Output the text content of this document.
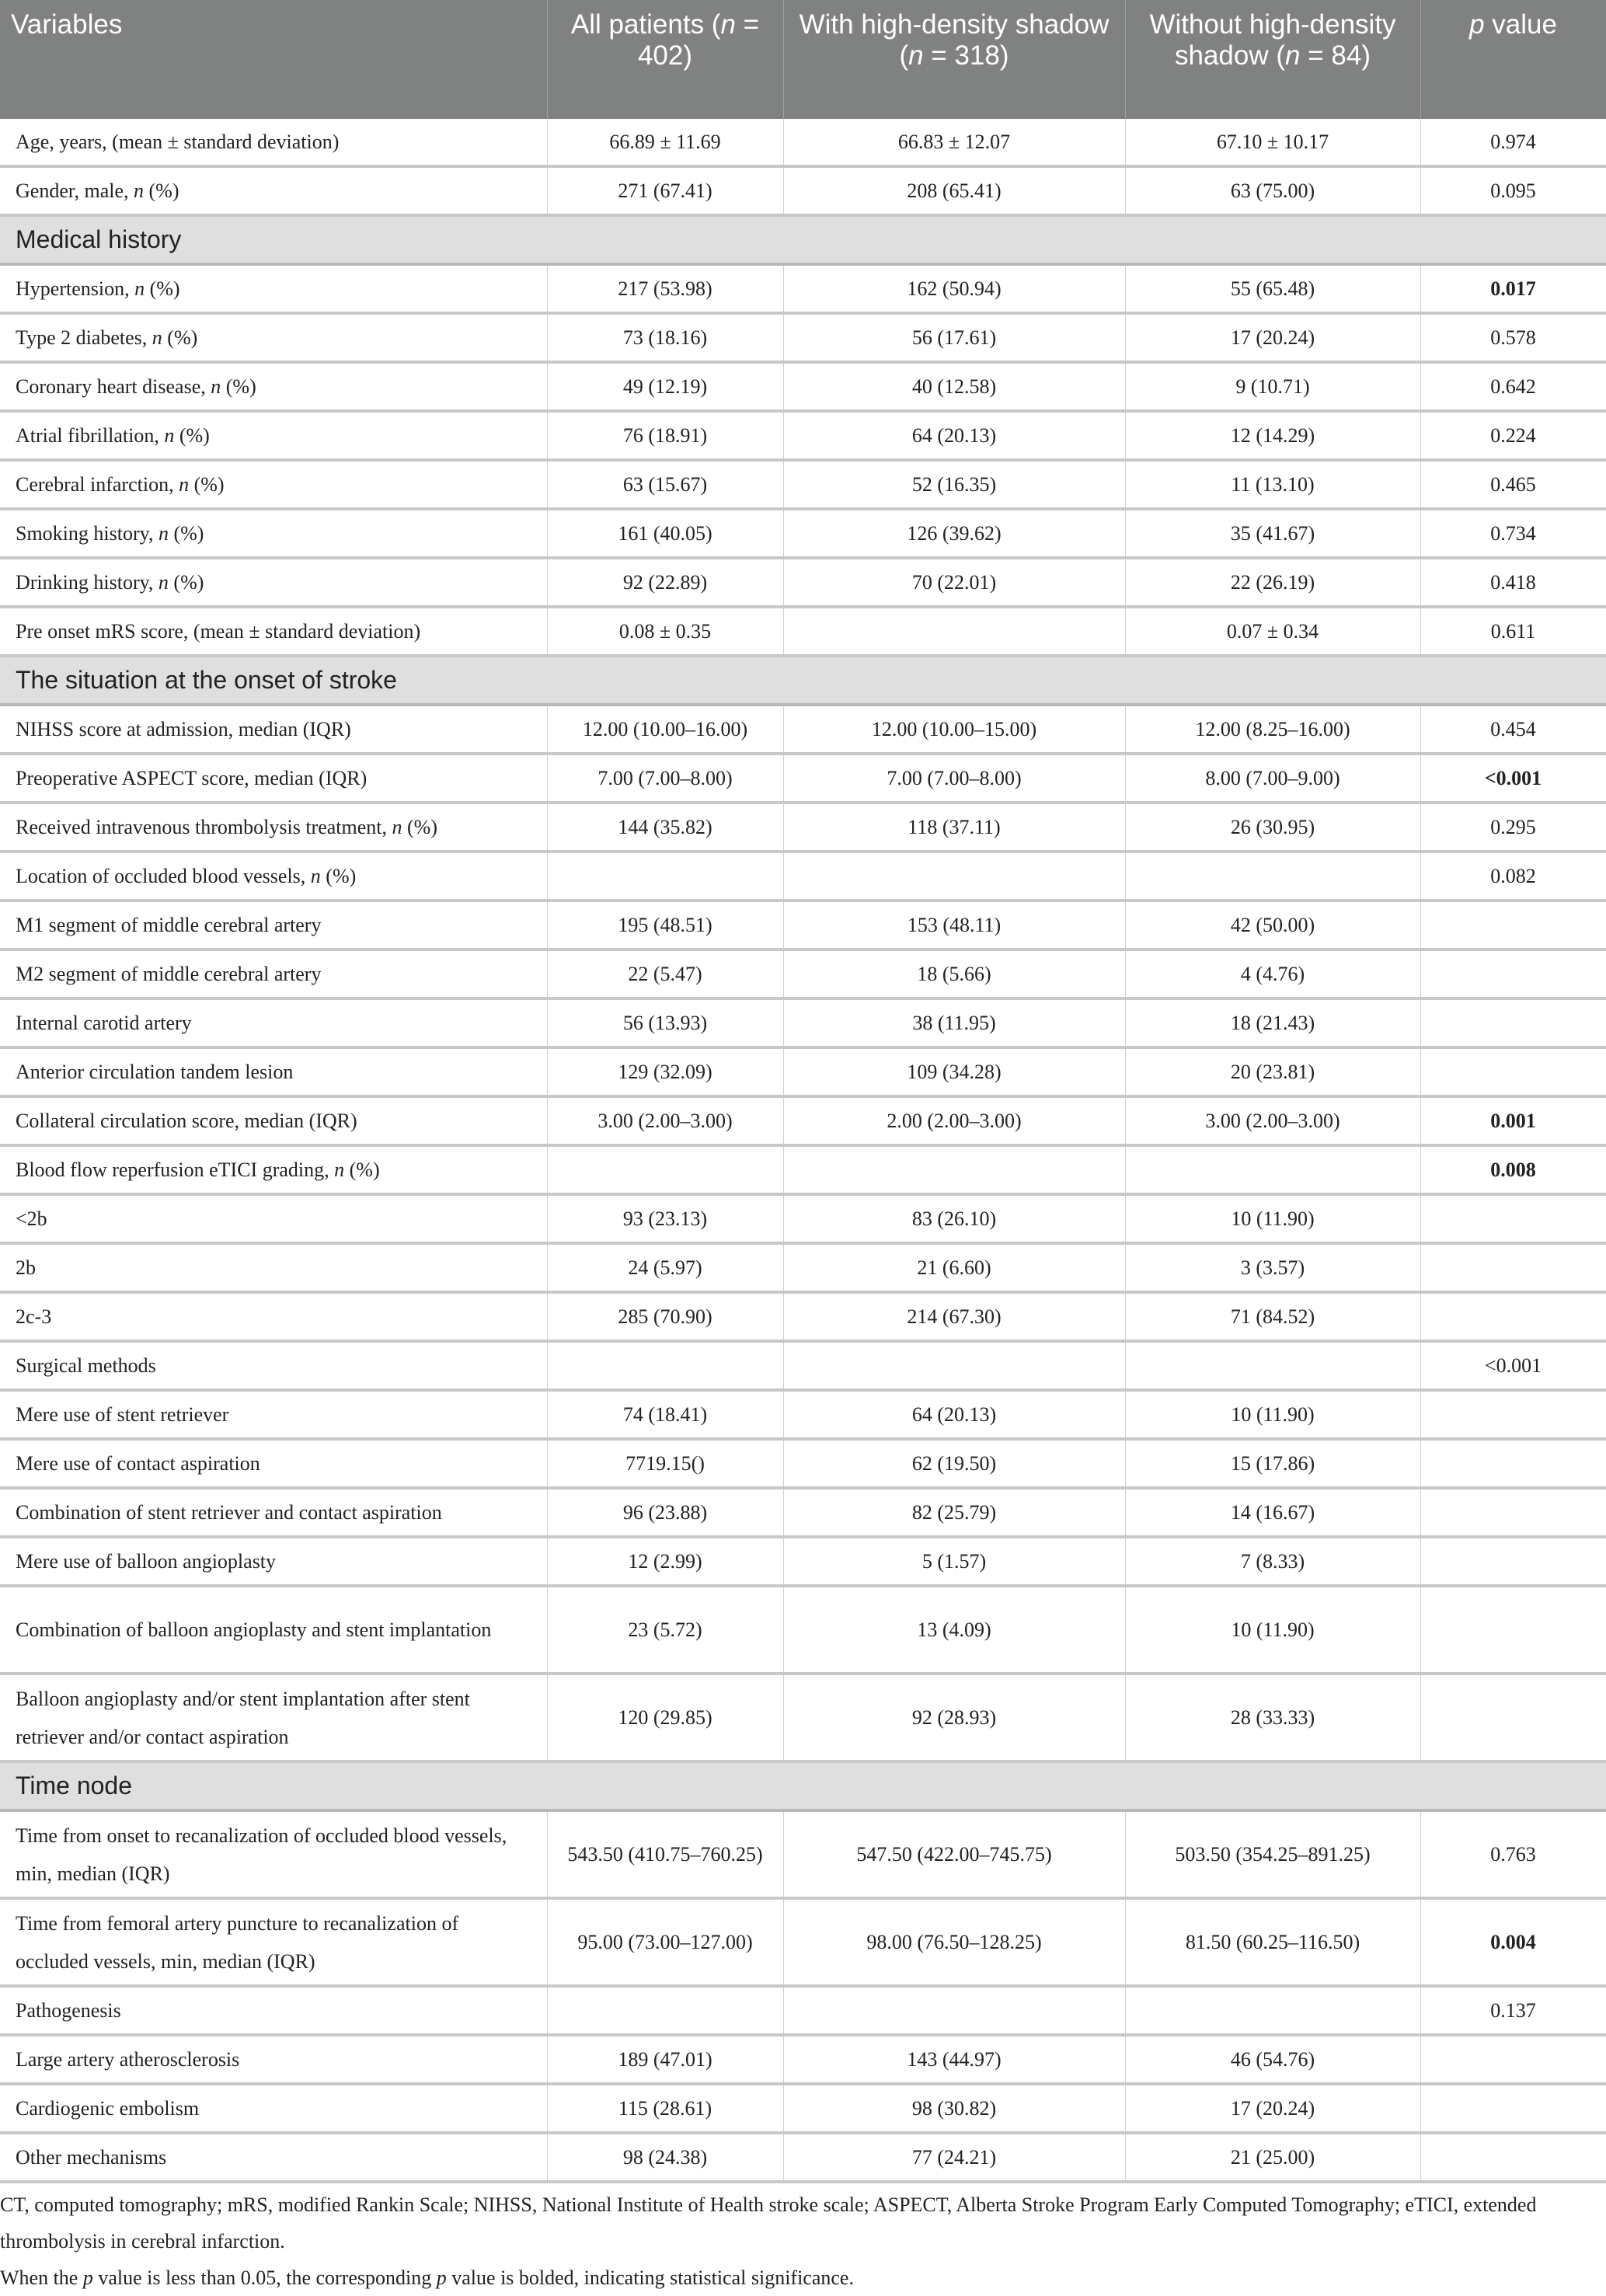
Variables	All patients (n = 402)	With high-density shadow (n = 318)	Without high-density shadow (n = 84)	p value
Age, years, (mean ± standard deviation)	66.89 ± 11.69	66.83 ± 12.07	67.10 ± 10.17	0.974
Gender, male, n (%)	271 (67.41)	208 (65.41)	63 (75.00)	0.095
Medical history				
Hypertension, n (%)	217 (53.98)	162 (50.94)	55 (65.48)	0.017
Type 2 diabetes, n (%)	73 (18.16)	56 (17.61)	17 (20.24)	0.578
Coronary heart disease, n (%)	49 (12.19)	40 (12.58)	9 (10.71)	0.642
Atrial fibrillation, n (%)	76 (18.91)	64 (20.13)	12 (14.29)	0.224
Cerebral infarction, n (%)	63 (15.67)	52 (16.35)	11 (13.10)	0.465
Smoking history, n (%)	161 (40.05)	126 (39.62)	35 (41.67)	0.734
Drinking history, n (%)	92 (22.89)	70 (22.01)	22 (26.19)	0.418
Pre onset mRS score, (mean ± standard deviation)	0.08 ± 0.35		0.07 ± 0.34	0.611
The situation at the onset of stroke				
NIHSS score at admission, median (IQR)	12.00 (10.00–16.00)	12.00 (10.00–15.00)	12.00 (8.25–16.00)	0.454
Preoperative ASPECT score, median (IQR)	7.00 (7.00–8.00)	7.00 (7.00–8.00)	8.00 (7.00–9.00)	<0.001
Received intravenous thrombolysis treatment, n (%)	144 (35.82)	118 (37.11)	26 (30.95)	0.295
Location of occluded blood vessels, n (%)				0.082
M1 segment of middle cerebral artery	195 (48.51)	153 (48.11)	42 (50.00)	
M2 segment of middle cerebral artery	22 (5.47)	18 (5.66)	4 (4.76)	
Internal carotid artery	56 (13.93)	38 (11.95)	18 (21.43)	
Anterior circulation tandem lesion	129 (32.09)	109 (34.28)	20 (23.81)	
Collateral circulation score, median (IQR)	3.00 (2.00–3.00)	2.00 (2.00–3.00)	3.00 (2.00–3.00)	0.001
Blood flow reperfusion eTICI grading, n (%)				0.008
<2b	93 (23.13)	83 (26.10)	10 (11.90)	
2b	24 (5.97)	21 (6.60)	3 (3.57)	
2c-3	285 (70.90)	214 (67.30)	71 (84.52)	
Surgical methods				<0.001
Mere use of stent retriever	74 (18.41)	64 (20.13)	10 (11.90)	
Mere use of contact aspiration	7719.15()	62 (19.50)	15 (17.86)	
Combination of stent retriever and contact aspiration	96 (23.88)	82 (25.79)	14 (16.67)	
Mere use of balloon angioplasty	12 (2.99)	5 (1.57)	7 (8.33)	
Combination of balloon angioplasty and stent implantation	23 (5.72)	13 (4.09)	10 (11.90)	
Balloon angioplasty and/or stent implantation after stent retriever and/or contact aspiration	120 (29.85)	92 (28.93)	28 (33.33)	
Time node				
Time from onset to recanalization of occluded blood vessels, min, median (IQR)	543.50 (410.75–760.25)	547.50 (422.00–745.75)	503.50 (354.25–891.25)	0.763
Time from femoral artery puncture to recanalization of occluded vessels, min, median (IQR)	95.00 (73.00–127.00)	98.00 (76.50–128.25)	81.50 (60.25–116.50)	0.004
Pathogenesis				0.137
Large artery atherosclerosis	189 (47.01)	143 (44.97)	46 (54.76)	
Cardiogenic embolism	115 (28.61)	98 (30.82)	17 (20.24)	
Other mechanisms	98 (24.38)	77 (24.21)	21 (25.00)	
CT, computed tomography; mRS, modified Rankin Scale; NIHSS, National Institute of Health stroke scale; ASPECT, Alberta Stroke Program Early Computed Tomography; eTICI, extended thrombolysis in cerebral infarction.
When the p value is less than 0.05, the corresponding p value is bolded, indicating statistical significance.
